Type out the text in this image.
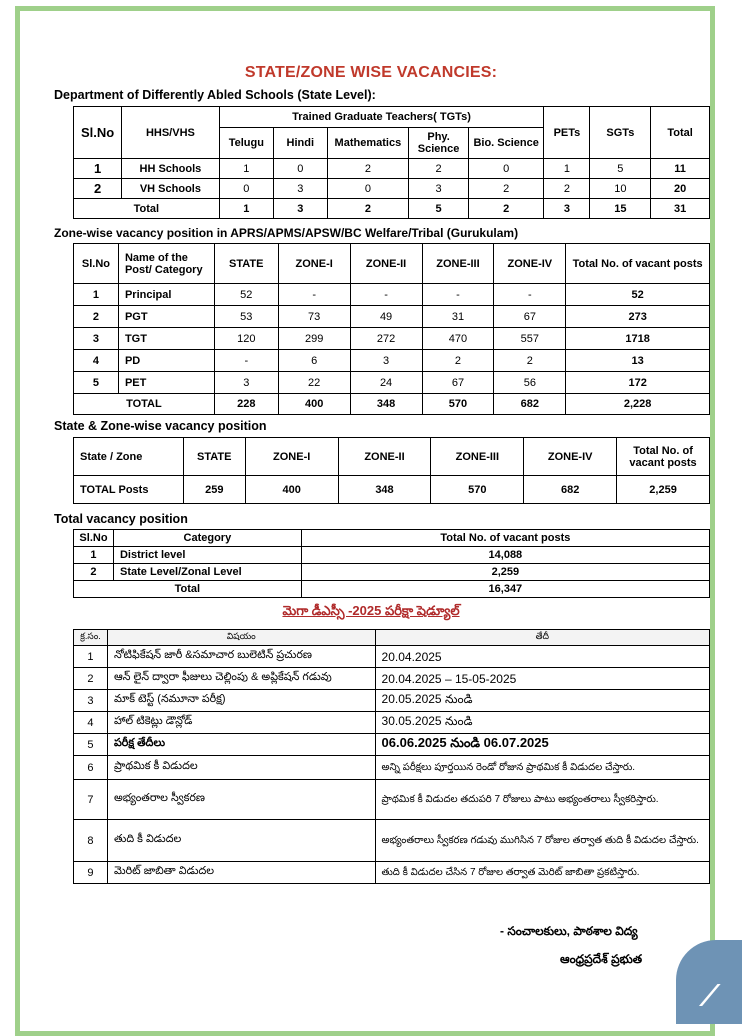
STATE/ZONE WISE VACANCIES:
Department of Differently Abled Schools (State Level):
Sl.No	HHS/VHS	Trained Graduate Teachers( TGTs)					PETs	SGTs	Total
		Telugu	Hindi	Mathematics	Phy. Science	Bio. Science			
1	HH Schools	1	0	2	2	0	1	5	11
2	VH Schools	0	3	0	3	2	2	10	20
Total		1	3	2	5	2	3	15	31
Zone-wise vacancy position in APRS/APMS/APSW/BC Welfare/Tribal (Gurukulam)
Sl.No	Name of the Post/ Category	STATE	ZONE-I	ZONE-II	ZONE-III	ZONE-IV	Total No. of vacant posts
1	Principal	52	-	-	-	-	52
2	PGT	53	73	49	31	67	273
3	TGT	120	299	272	470	557	1718
4	PD	-	6	3	2	2	13
5	PET	3	22	24	67	56	172
TOTAL		228	400	348	570	682	2,228
State & Zone-wise vacancy position
State / Zone	STATE	ZONE-I	ZONE-II	ZONE-III	ZONE-IV	Total No. of vacant posts
TOTAL Posts	259	400	348	570	682	2,259
Total vacancy position
Sl.No	Category	Total No. of vacant posts
1	District level	14,088
2	State Level/Zonal Level	2,259
Total		16,347
మెగా డీఎస్సీ -2025 పరీక్షా షెడ్యూల్
క్ర.సం.	విషయం	తేదీ
1	నోటిఫికేషన్ జారీ &సమాచార బులెటిన్ ప్రచురణ	20.04.2025
2	ఆన్ లైన్ ద్వారా ఫీజులు చెల్లింపు & అప్లికేషన్ గడువు	20.04.2025 – 15-05-2025
3	మాక్ టెస్ట్ (నమూనా పరీక్ష)	20.05.2025 నుండి
4	హాల్ టికెట్లు డౌన్లోడ్	30.05.2025 నుండి
5	పరీక్ష తేదీలు	06.06.2025 నుండి 06.07.2025
6	ప్రాథమిక కీ విడుదల	అన్ని పరీక్షలు పూర్తయిన రెండో రోజున ప్రాథమిక కీ విడుదల చేస్తారు.
7	అభ్యంతరాల స్వీకరణ	ప్రాథమిక కీ విడుదల తదుపరి 7 రోజులు పాటు అభ్యంతరాలు స్వీకరిస్తారు.
8	తుది కీ విడుదల	అభ్యంతరాలు స్వీకరణ గడువు ముగిసిన 7 రోజుల తర్వాత తుది కీ విడుదల చేస్తారు.
9	మెరిట్ జాబితా విడుదల	తుది కీ విడుదల చేసిన 7 రోజుల తర్వాత మెరిట్ జాబితా ప్రకటిస్తారు.
- సంచాలకులు, పాఠశాల విద్య
ఆంధ్రప్రదేశ్ ప్రభుత
⟋
